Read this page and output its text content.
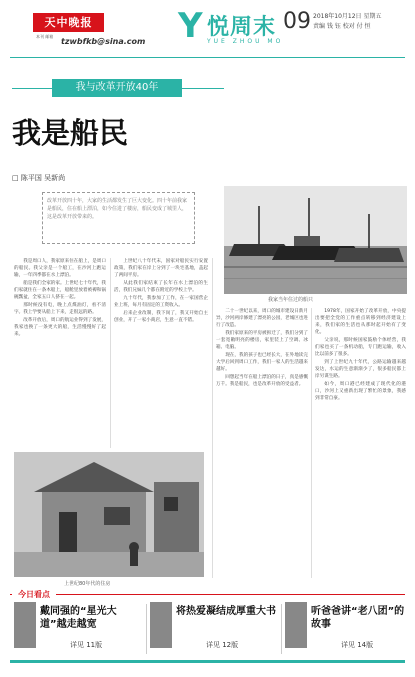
天中晚报
本刊 邮箱
tzwbfkb@sina.com Y 悦周末
YUE ZHOU MO
09 2018年10月12日 星期五
责编 钱 钰 校对 付 恒
我与改革开放40年
我是船民
□ 陈平国 吴新尚
改革开放四十年，大家的生活都发生了巨大变化。四十年前我家是船民，住在船上漂泊，如今住进了楼房，船民变成了城里人，这是改革开放带来的。
我家当年住过的船只

我是周口人，我家原来住在船上，是周口的船民。我父亲是一个船工，在沙河上跑运输，一年四季都在水上漂泊。

船是我们全家的家。上世纪七十年代，我们家就住在一条木船上，船舱里放着被褥和锅碗瓢盆，全家五口人挤在一起。

那时候没有电，晚上点煤油灯，看不清字。我上学要从船上下来，走很远的路。

改革开放后，周口的航运业得到了发展，我家也换了一条更大的船，生活慢慢好了起来。

上世纪八十年代末，国家对船民实行安置政策，我们家在岸上分到了一块宅基地，盖起了两间平房。

从此我们家结束了长年在水上漂泊的生活，我们兄妹几个都在附近的学校上学。

九十年代，我参加了工作，在一家国营企业上班，每月有固定的工资收入。

后来企业改制，我下岗了，我又开始自主创业，开了一家小商店，生意一直不错。

二十一世纪以来，周口的城市建设日新月异，沙河两岸修建了漂亮的公园，老城区也进行了改造。

我们家原来的平房被拆迁了，我们分到了一套宽敞明亮的楼房，家里装上了空调、冰箱、电脑。

现在，我的孩子也已经长大，在外地读完大学后回到周口工作，我们一家人的生活越来越好。

回想起当年在船上漂泊的日子，真是感慨万千。我是船民，也是改革开放的受益者。

1978年，国家开始了改革开放，中央提出要把全党的工作重点转移到经济建设上来，我们家的生活也从那时起开始有了变化。

父亲说，那时候国家鼓励个体经营，我们家也买了一条机动船，专门跑运输，收入比以前多了很多。

到了上世纪九十年代，公路运输越来越发达，水运的生意渐渐少了，很多船民都上岸另谋生路。

如今，周口港已经建成了现代化的港口，沙河上又重新出现了繁忙的景象，我感到非常自豪。

上世纪80年代的住房
今日看点
戴同强的“星光大道”越走越宽
详见 11版
将热爱凝结成厚重大书
详见 12版
听爸爸讲“老八团”的故事
详见 14版
